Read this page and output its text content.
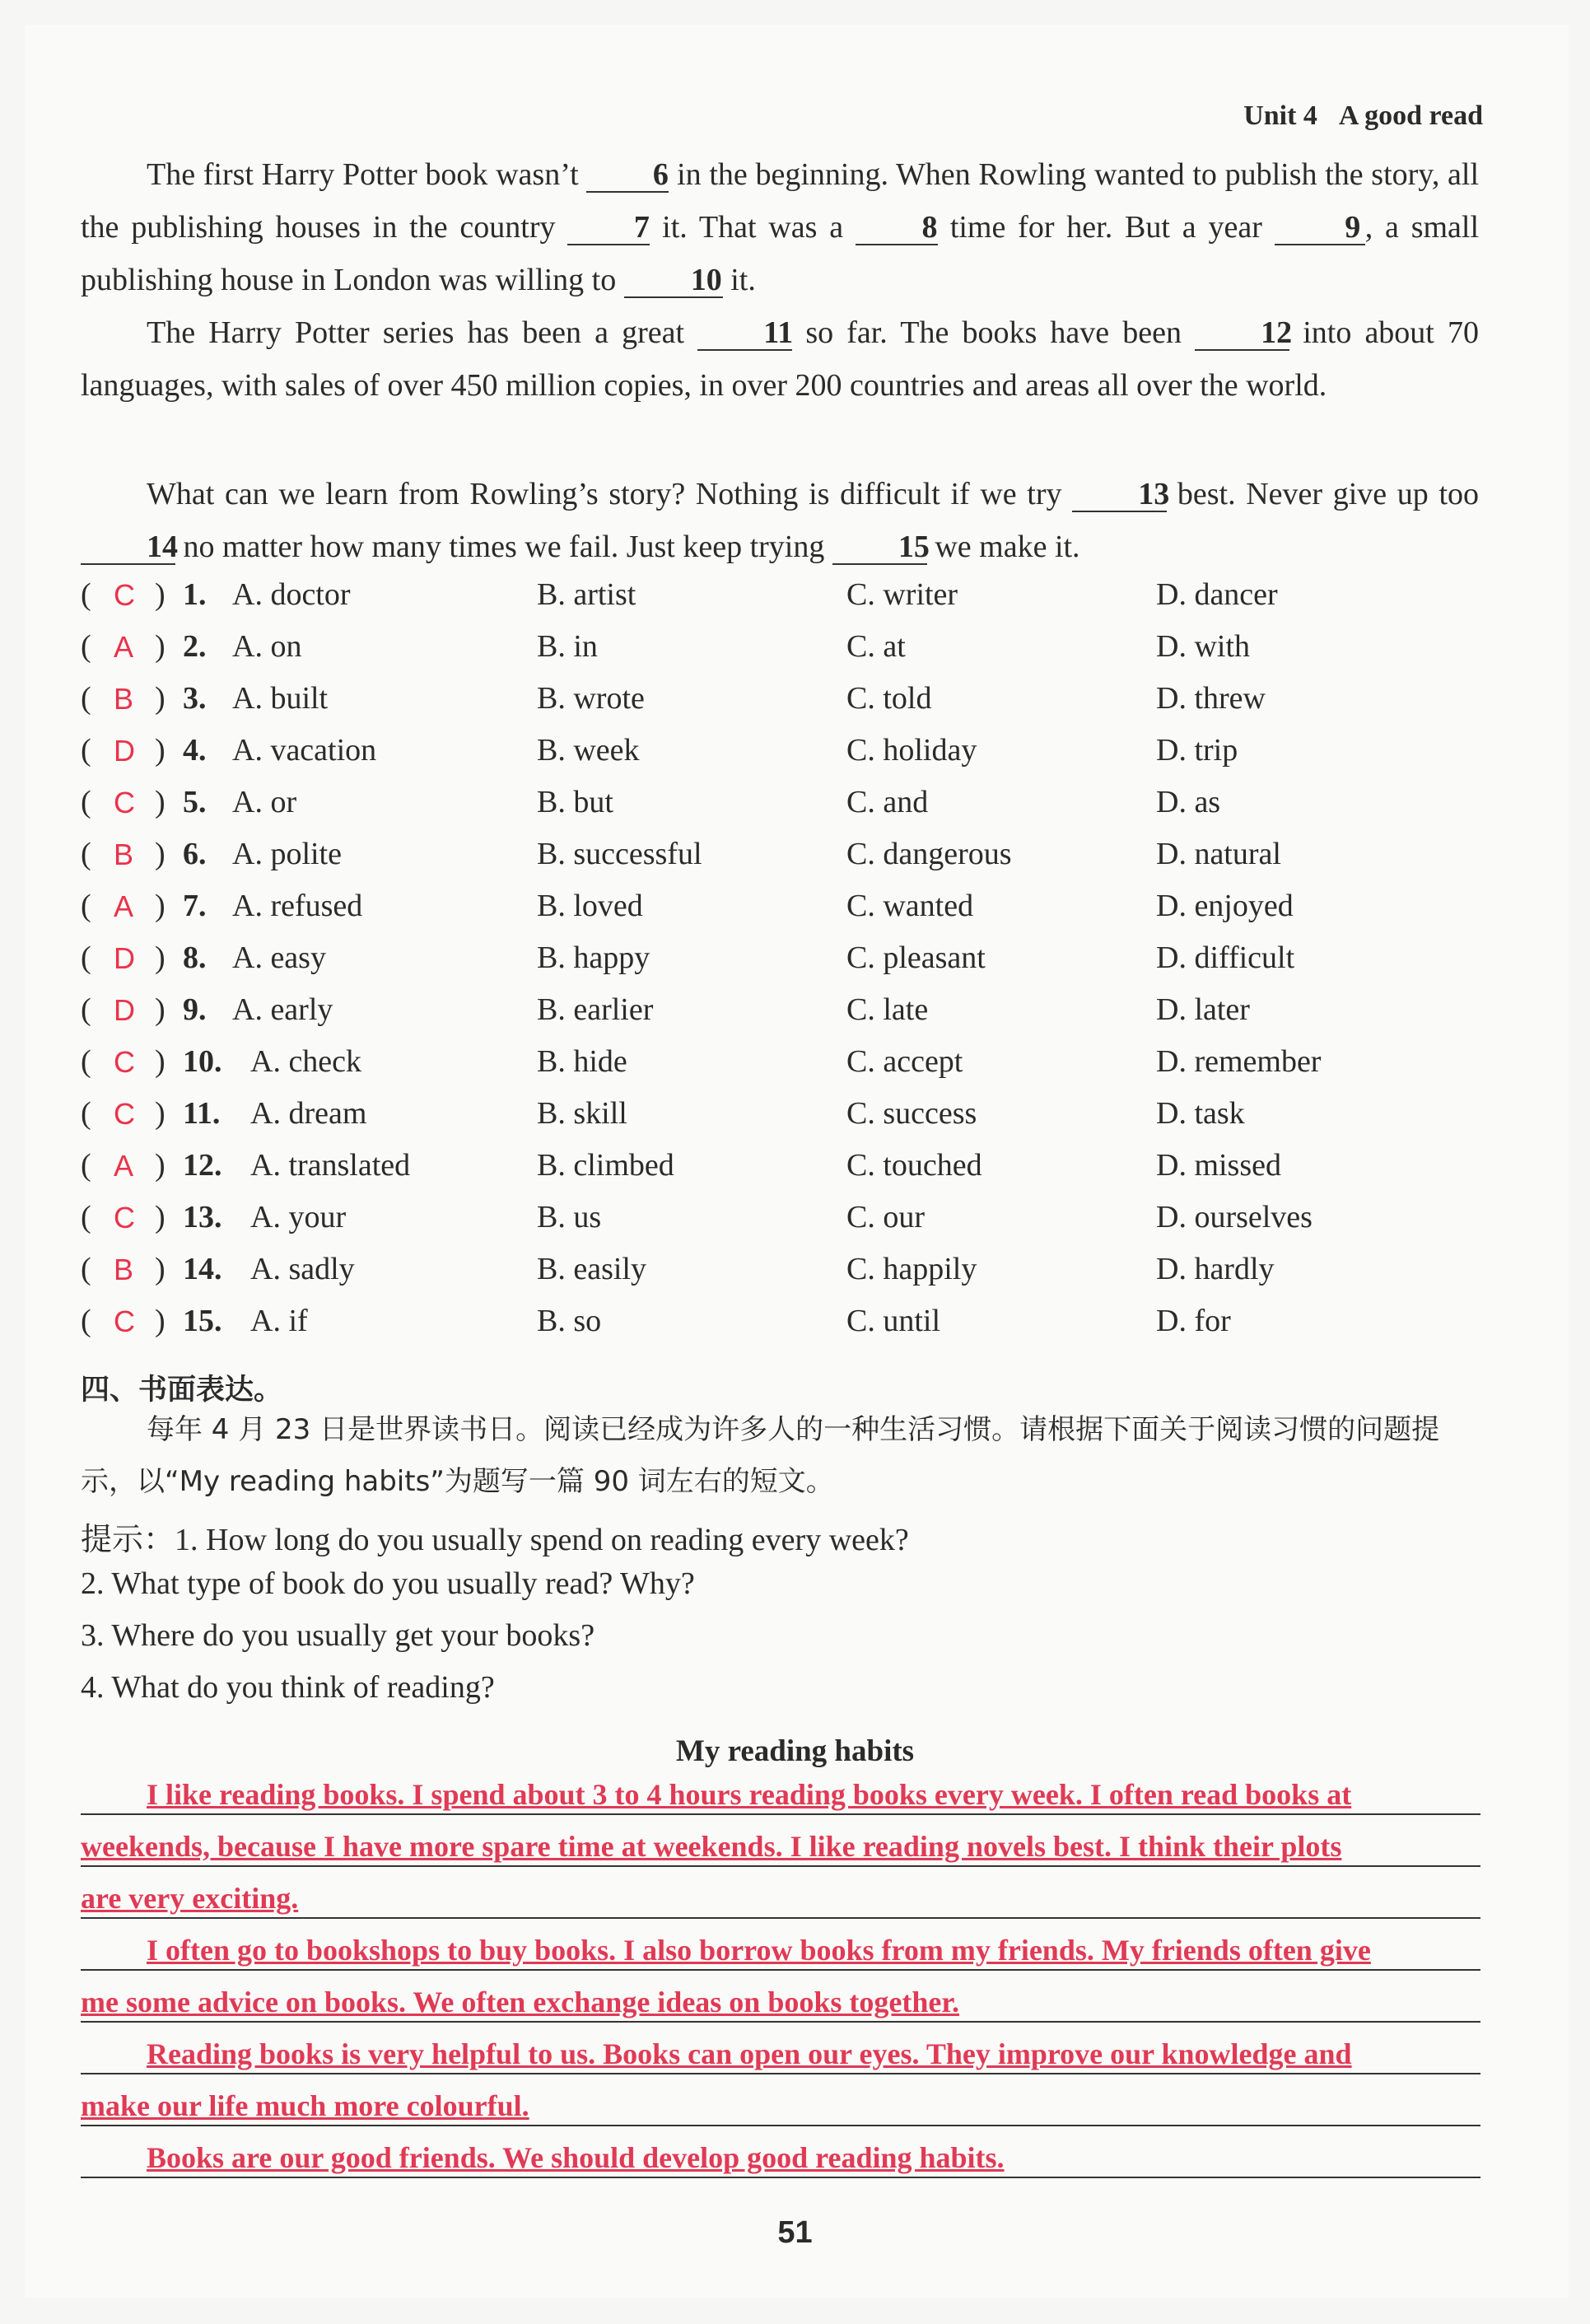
Unit 4 A good read
The first Harry Potter book wasn’t 6 in the beginning. When Rowling wanted to publish the story, all the publishing houses in the country	7 it. That was a	8 time for her. But a year	9 , a small publishing house in London was willing to 10 it.
The Harry Potter series has been a great	11 so far. The books have been	12 into about 70 languages, with sales of over 450 million copies, in over 200 countries and areas all over the world.
What can we learn from Rowling’s story? Nothing is difficult if we try 13 best. Never give up too 14 no matter how many times we fail. Just keep trying 15 we make it.
( C ) 1. A. doctor	B. artist	C. writer	D. dancer
( A ) 2. A. on	B. in	C. at	D. with
( B ) 3. A. built	B. wrote	C. told	D. threw
( D ) 4. A. vacation	B. week	C. holiday	D. trip
( C ) 5. A. or	B. but	C. and	D. as
( B ) 6. A. polite	B. successful	C. dangerous	D. natural
( A ) 7. A. refused	B. loved	C. wanted	D. enjoyed
( D ) 8. A. easy	B. happy	C. pleasant	D. difficult
( D ) 9. A. early	B. earlier	C. late	D. later
( C ) 10. A. check	B. hide	C. accept	D. remember
( C ) 11. A. dream	B. skill	C. success	D. task
( A ) 12. A. translated	B. climbed	C. touched	D. missed
( C ) 13. A. your	B. us	C. our	D. ourselves
( B ) 14. A. sadly	B. easily	C. happily	D. hardly
( C ) 15. A. if	B. so	C. until	D. for
四、书面表达。
每年 4 月 23 日是世界读书日。阅读已经成为许多人的一种生活习惯。请根据下面关于阅读习惯的问题提示，以“My reading habits”为题写一篇 90 词左右的短文。
提示：1. How long do you usually spend on reading every week?
2. What type of book do you usually read? Why?
3. Where do you usually get your books?
4. What do you think of reading?
My reading habits
I like reading books. I spend about 3 to 4 hours reading books every week. I often read books at
weekends, because I have more spare time at weekends. I like reading novels best. I think their plots
are very exciting.
I often go to bookshops to buy books. I also borrow books from my friends. My friends often give
me some advice on books. We often exchange ideas on books together.
Reading books is very helpful to us. Books can open our eyes. They improve our knowledge and
make our life much more colourful.
Books are our good friends. We should develop good reading habits.
51
